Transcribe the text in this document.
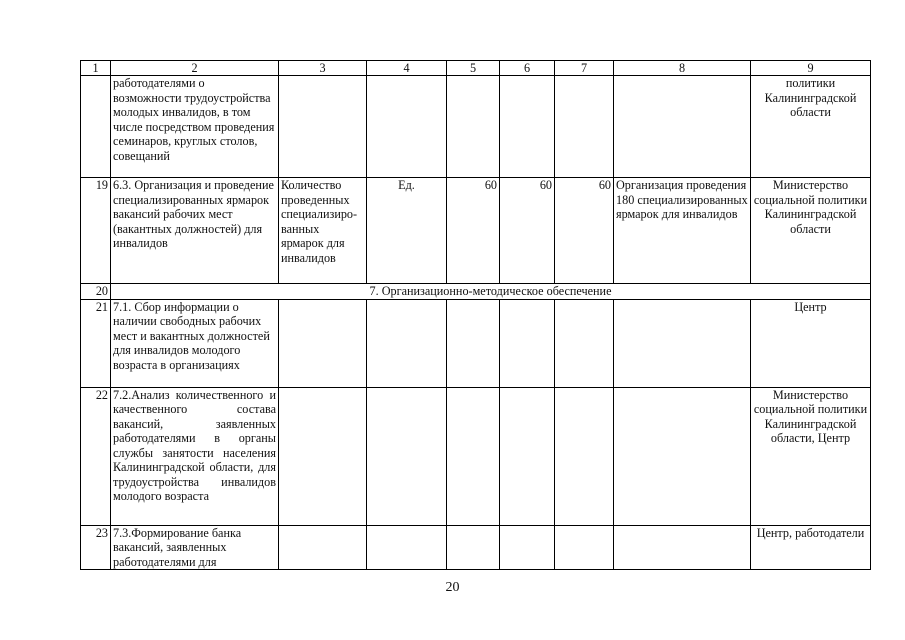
1	2	3	4	5	6	7	8	9
	работодателями о возможности трудоустройства молодых инвалидов, в том числе посредством проведения семинаров, круглых столов, совещаний							политики Калининградской области
19	6.3. Организация и проведение специализированных ярмарок вакансий рабочих мест (вакантных должностей) для инвалидов	Количество проведенных специализиро-ванных ярмарок для инвалидов	Ед.	60	60	60	Организация проведения 180 специализированных ярмарок для инвалидов	Министерство социальной политики Калининградской области
20	7. Организационно-методическое обеспечение							
21	7.1. Сбор информации о наличии свободных рабочих мест и вакантных должностей для инвалидов молодого возраста в организациях							Центр
22	7.2.Анализ количественного и качественного состава вакансий, заявленных работодателями в органы службы занятости населения Калининградской области, для трудоустройства инвалидов молодого возраста							Министерство социальной политики Калининградской области, Центр
23	7.3.Формирование банка вакансий, заявленных работодателями для							Центр, работодатели
20
